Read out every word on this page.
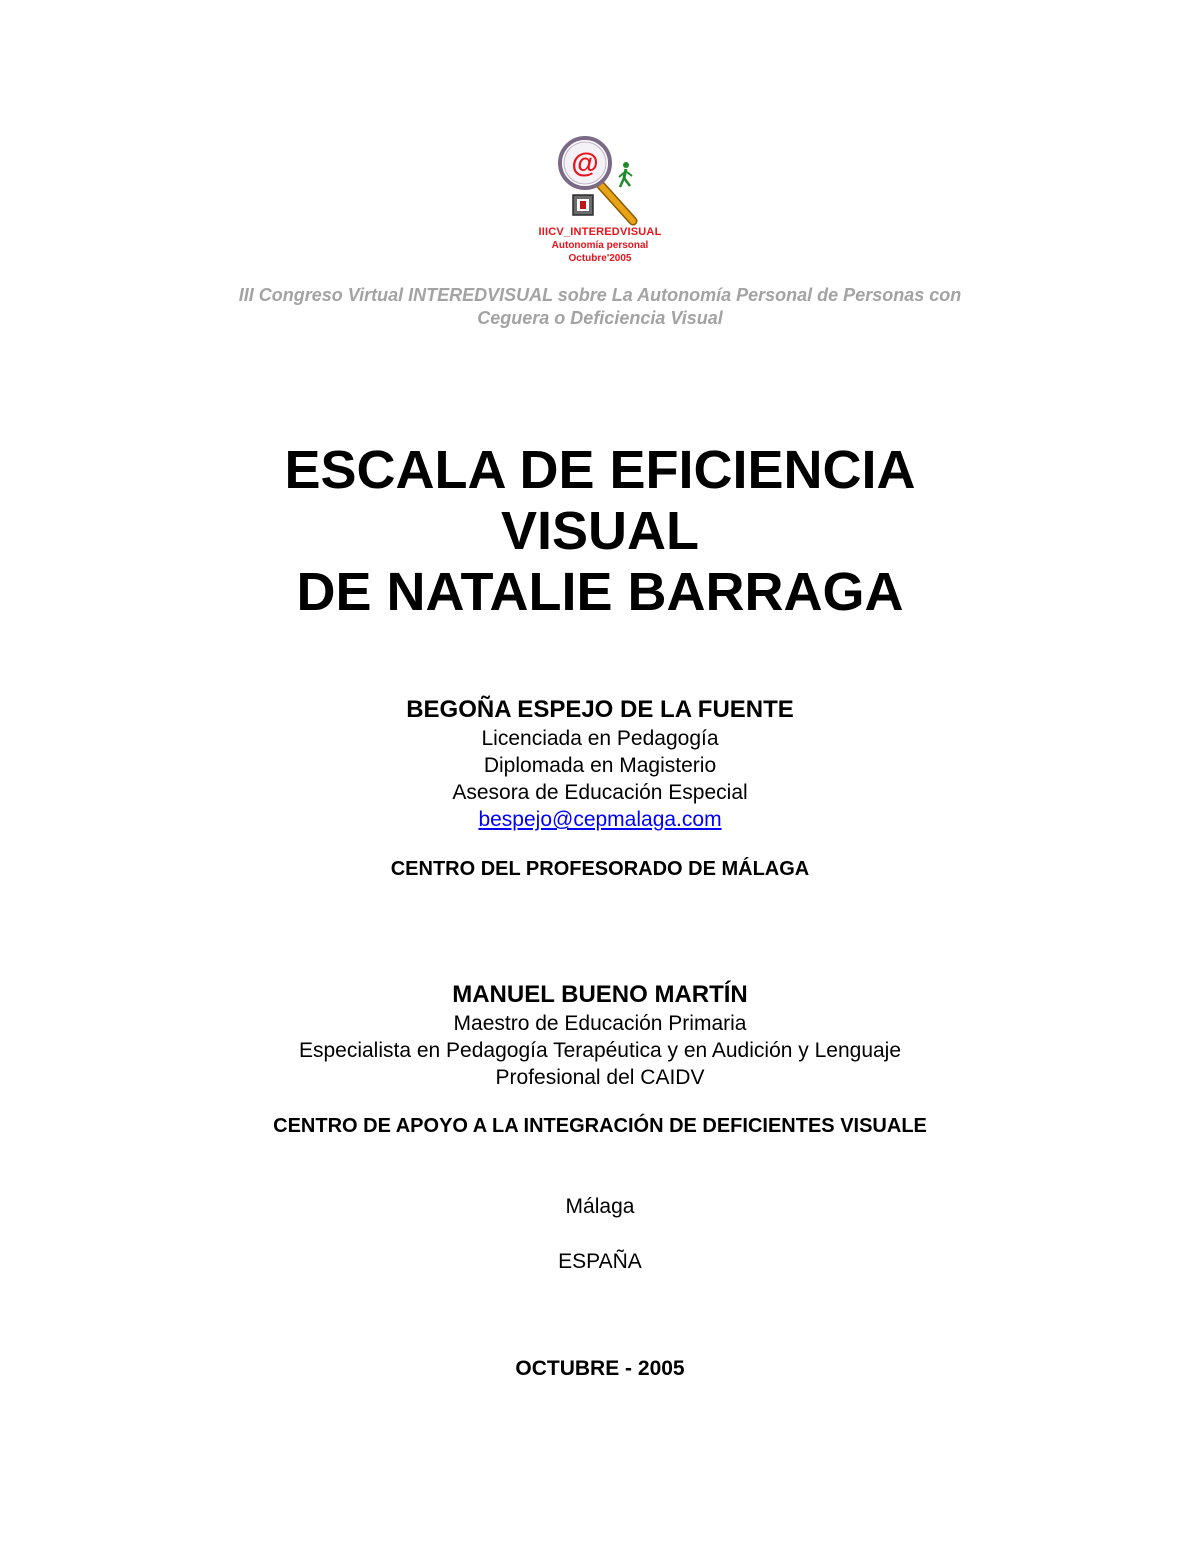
@
IIICV_INTEREDVISUAL
Autonomía personal
Octubre'2005
III Congreso Virtual INTEREDVISUAL sobre La Autonomía Personal de Personas con
Ceguera o Deficiencia Visual
ESCALA DE EFICIENCIA
VISUAL
DE NATALIE BARRAGA
BEGOÑA ESPEJO DE LA FUENTE
Licenciada en Pedagogía
Diplomada en Magisterio
Asesora de Educación Especial
bespejo@cepmalaga.com
CENTRO DEL PROFESORADO DE MÁLAGA
MANUEL BUENO MARTÍN
Maestro de Educación Primaria
Especialista en Pedagogía Terapéutica y en Audición y Lenguaje
Profesional del CAIDV
CENTRO DE APOYO A LA INTEGRACIÓN DE DEFICIENTES VISUALE
Málaga
ESPAÑA
OCTUBRE - 2005
